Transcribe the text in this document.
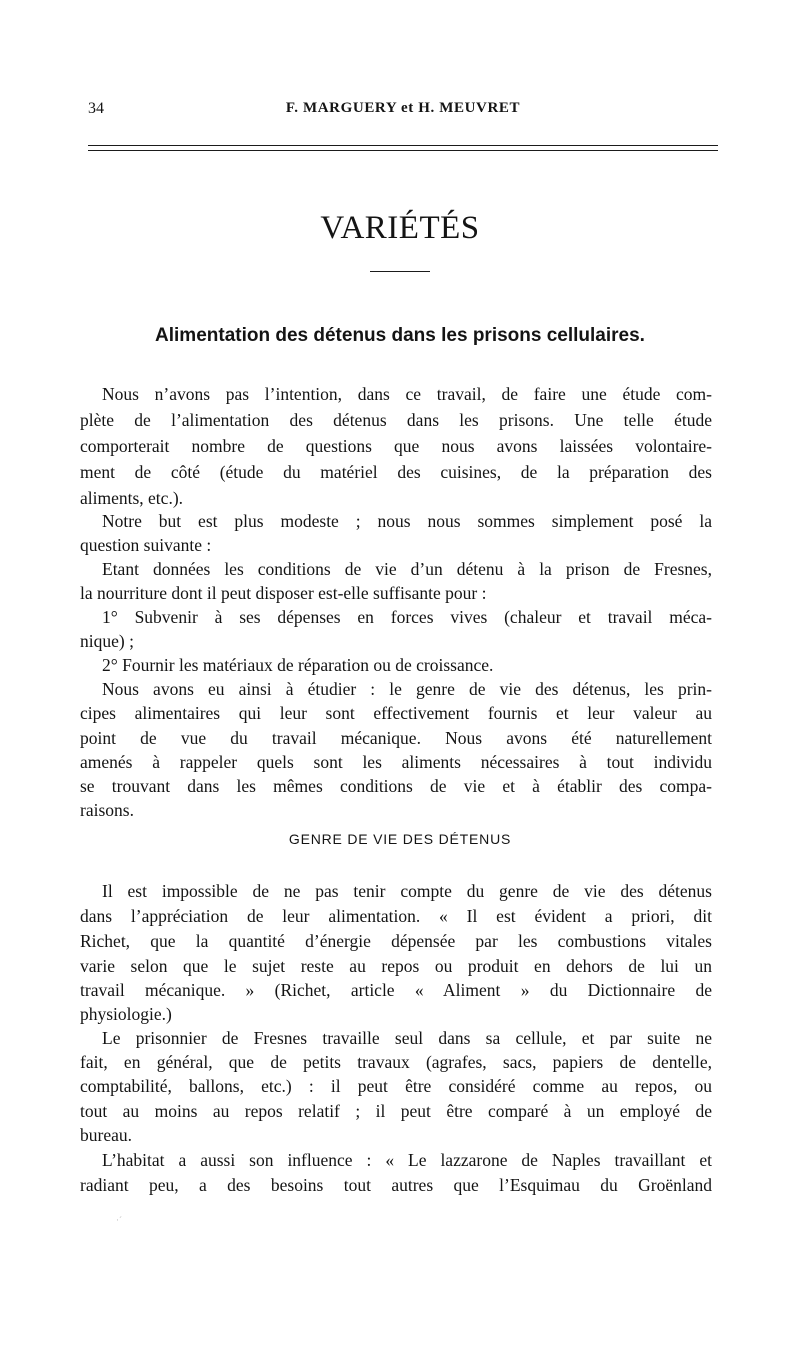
34	F. MARGUERY et H. MEUVRET
VARIÉTÉS
Alimentation des détenus dans les prisons cellulaires.
Nous n’avons pas l’intention, dans ce travail, de faire une étude com-
plète de l’alimentation des détenus dans les prisons. Une telle étude
comporterait nombre de questions que nous avons laissées volontaire-
ment de côté (étude du matériel des cuisines, de la préparation des
aliments, etc.).
Notre but est plus modeste ; nous nous sommes simplement posé la
question suivante :
Etant données les conditions de vie d’un détenu à la prison de Fresnes,
la nourriture dont il peut disposer est-elle suffisante pour :
1° Subvenir à ses dépenses en forces vives (chaleur et travail méca-
nique) ;
2° Fournir les matériaux de réparation ou de croissance.
Nous avons eu ainsi à étudier : le genre de vie des détenus, les prin-
cipes alimentaires qui leur sont effectivement fournis et leur valeur au
point de vue du travail mécanique. Nous avons été naturellement
amenés à rappeler quels sont les aliments nécessaires à tout individu
se trouvant dans les mêmes conditions de vie et à établir des compa-
raisons.
GENRE DE VIE DES DÉTENUS
Il est impossible de ne pas tenir compte du genre de vie des détenus
dans l’appréciation de leur alimentation. « Il est évident a priori, dit
Richet, que la quantité d’énergie dépensée par les combustions vitales
varie selon que le sujet reste au repos ou produit en dehors de lui un
travail mécanique. » (Richet, article « Aliment » du Dictionnaire de
physiologie.)
Le prisonnier de Fresnes travaille seul dans sa cellule, et par suite ne
fait, en général, que de petits travaux (agrafes, sacs, papiers de dentelle,
comptabilité, ballons, etc.) : il peut être considéré comme au repos, ou
tout au moins au repos relatif ; il peut être comparé à un employé de
bureau.
L’habitat a aussi son influence : « Le lazzarone de Naples travaillant et
radiant peu, a des besoins tout autres que l’Esquimau du Groënland
·´
